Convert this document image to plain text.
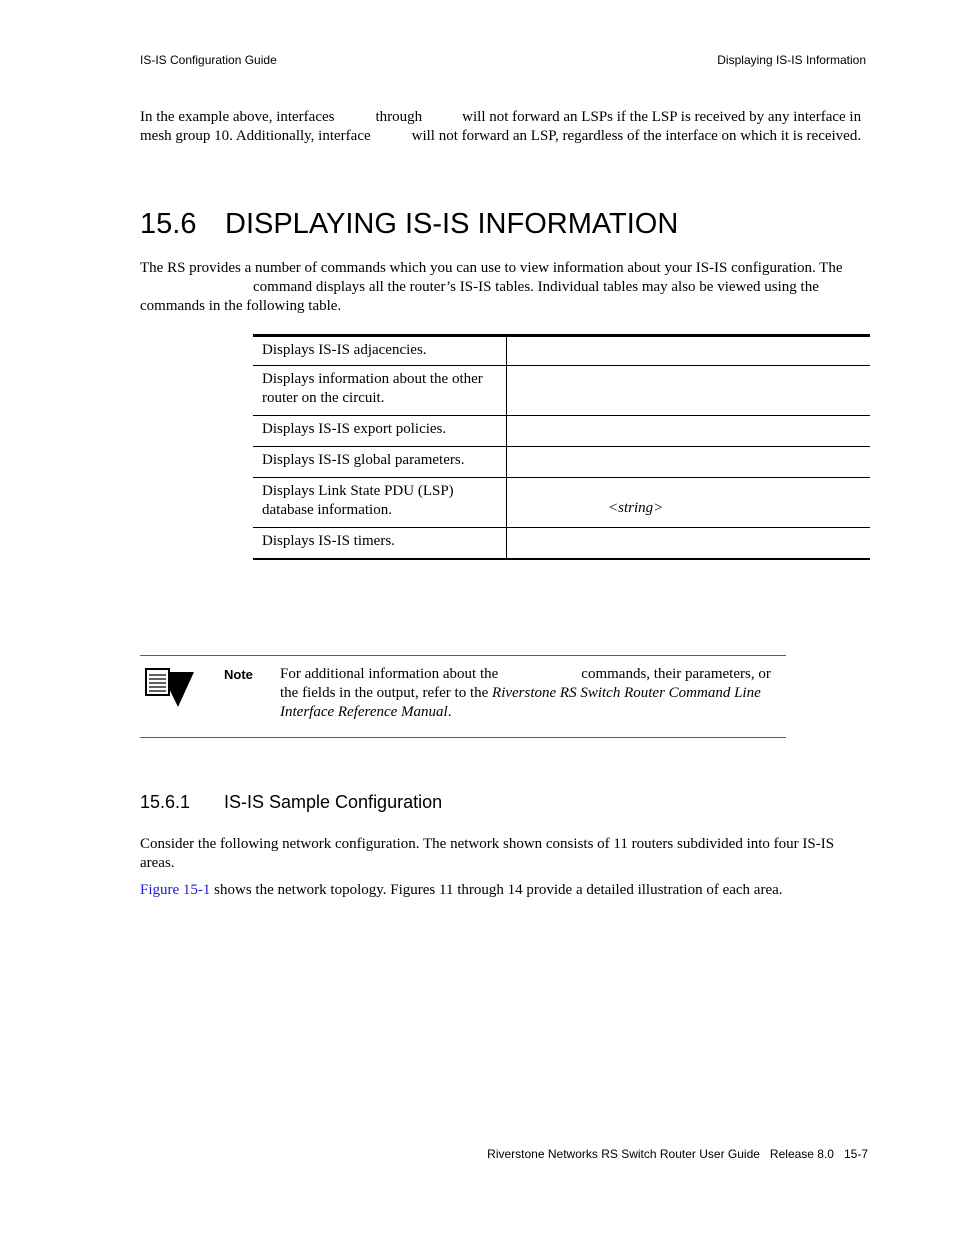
IS-IS Configuration Guide	Displaying IS-IS Information
In the example above, interfaces	through	will not forward an LSPs if the LSP is received by any interface in mesh group 10. Additionally, interface	will not forward an LSP, regardless of the interface on which it is received.
15.6 DISPLAYING IS-IS INFORMATION
The RS provides a number of commands which you can use to view information about your IS-IS configuration. The
command displays all the router’s IS-IS tables. Individual tables may also be viewed using the commands in the following table.
Displays IS-IS adjacencies.
Displays information about the other router on the circuit.
Displays IS-IS export policies.
Displays IS-IS global parameters.
Displays Link State PDU (LSP) database information.	<string>
Displays IS-IS timers.
Note For additional information about the	commands, their parameters, or the fields in the output, refer to the Riverstone RS Switch Router Command Line Interface Reference Manual.
15.6.1 IS-IS Sample Configuration
Consider the following network configuration. The network shown consists of 11 routers subdivided into four IS-IS areas.
Figure 15-1 shows the network topology. Figures 11 through 14 provide a detailed illustration of each area.
Riverstone Networks RS Switch Router User Guide   Release 8.0   15-7
